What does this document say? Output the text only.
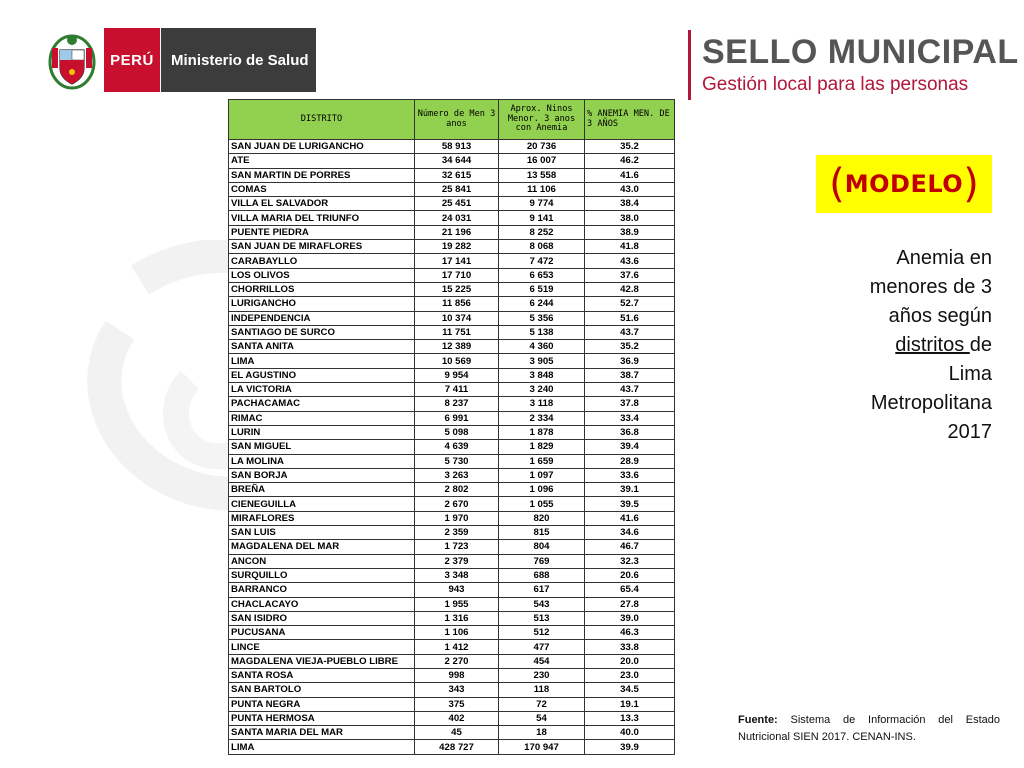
PERÚ	Ministerio de Salud	SELLO MUNICIPAL
Gestión local para las personas
( MODELO )
Anemia en
menores de 3
años según
distritos de
Lima
Metropolitana
2017
Fuente: Sistema de Información del Estado Nutricional SIEN 2017. CENAN-INS.
DISTRITO	Número de Men 3 anos	Aprox. Ninos Menor. 3 anos con Anemia	% ANEMIA MEN. DE 3 AÑOS
SAN JUAN DE LURIGANCHO	58 913	20 736	35.2
ATE	34 644	16 007	46.2
SAN MARTIN DE PORRES	32 615	13 558	41.6
COMAS	25 841	11 106	43.0
VILLA EL SALVADOR	25 451	9 774	38.4
VILLA MARIA DEL TRIUNFO	24 031	9 141	38.0
PUENTE PIEDRA	21 196	8 252	38.9
SAN JUAN DE MIRAFLORES	19 282	8 068	41.8
CARABAYLLO	17 141	7 472	43.6
LOS OLIVOS	17 710	6 653	37.6
CHORRILLOS	15 225	6 519	42.8
LURIGANCHO	11 856	6 244	52.7
INDEPENDENCIA	10 374	5 356	51.6
SANTIAGO DE SURCO	11 751	5 138	43.7
SANTA ANITA	12 389	4 360	35.2
LIMA	10 569	3 905	36.9
EL AGUSTINO	9 954	3 848	38.7
LA VICTORIA	7 411	3 240	43.7
PACHACAMAC	8 237	3 118	37.8
RIMAC	6 991	2 334	33.4
LURIN	5 098	1 878	36.8
SAN MIGUEL	4 639	1 829	39.4
LA MOLINA	5 730	1 659	28.9
SAN BORJA	3 263	1 097	33.6
BREÑA	2 802	1 096	39.1
CIENEGUILLA	2 670	1 055	39.5
MIRAFLORES	1 970	820	41.6
SAN LUIS	2 359	815	34.6
MAGDALENA DEL MAR	1 723	804	46.7
ANCON	2 379	769	32.3
SURQUILLO	3 348	688	20.6
BARRANCO	943	617	65.4
CHACLACAYO	1 955	543	27.8
SAN ISIDRO	1 316	513	39.0
PUCUSANA	1 106	512	46.3
LINCE	1 412	477	33.8
MAGDALENA VIEJA-PUEBLO LIBRE	2 270	454	20.0
SANTA ROSA	998	230	23.0
SAN BARTOLO	343	118	34.5
PUNTA NEGRA	375	72	19.1
PUNTA HERMOSA	402	54	13.3
SANTA MARIA DEL MAR	45	18	40.0
LIMA	428 727	170 947	39.9
